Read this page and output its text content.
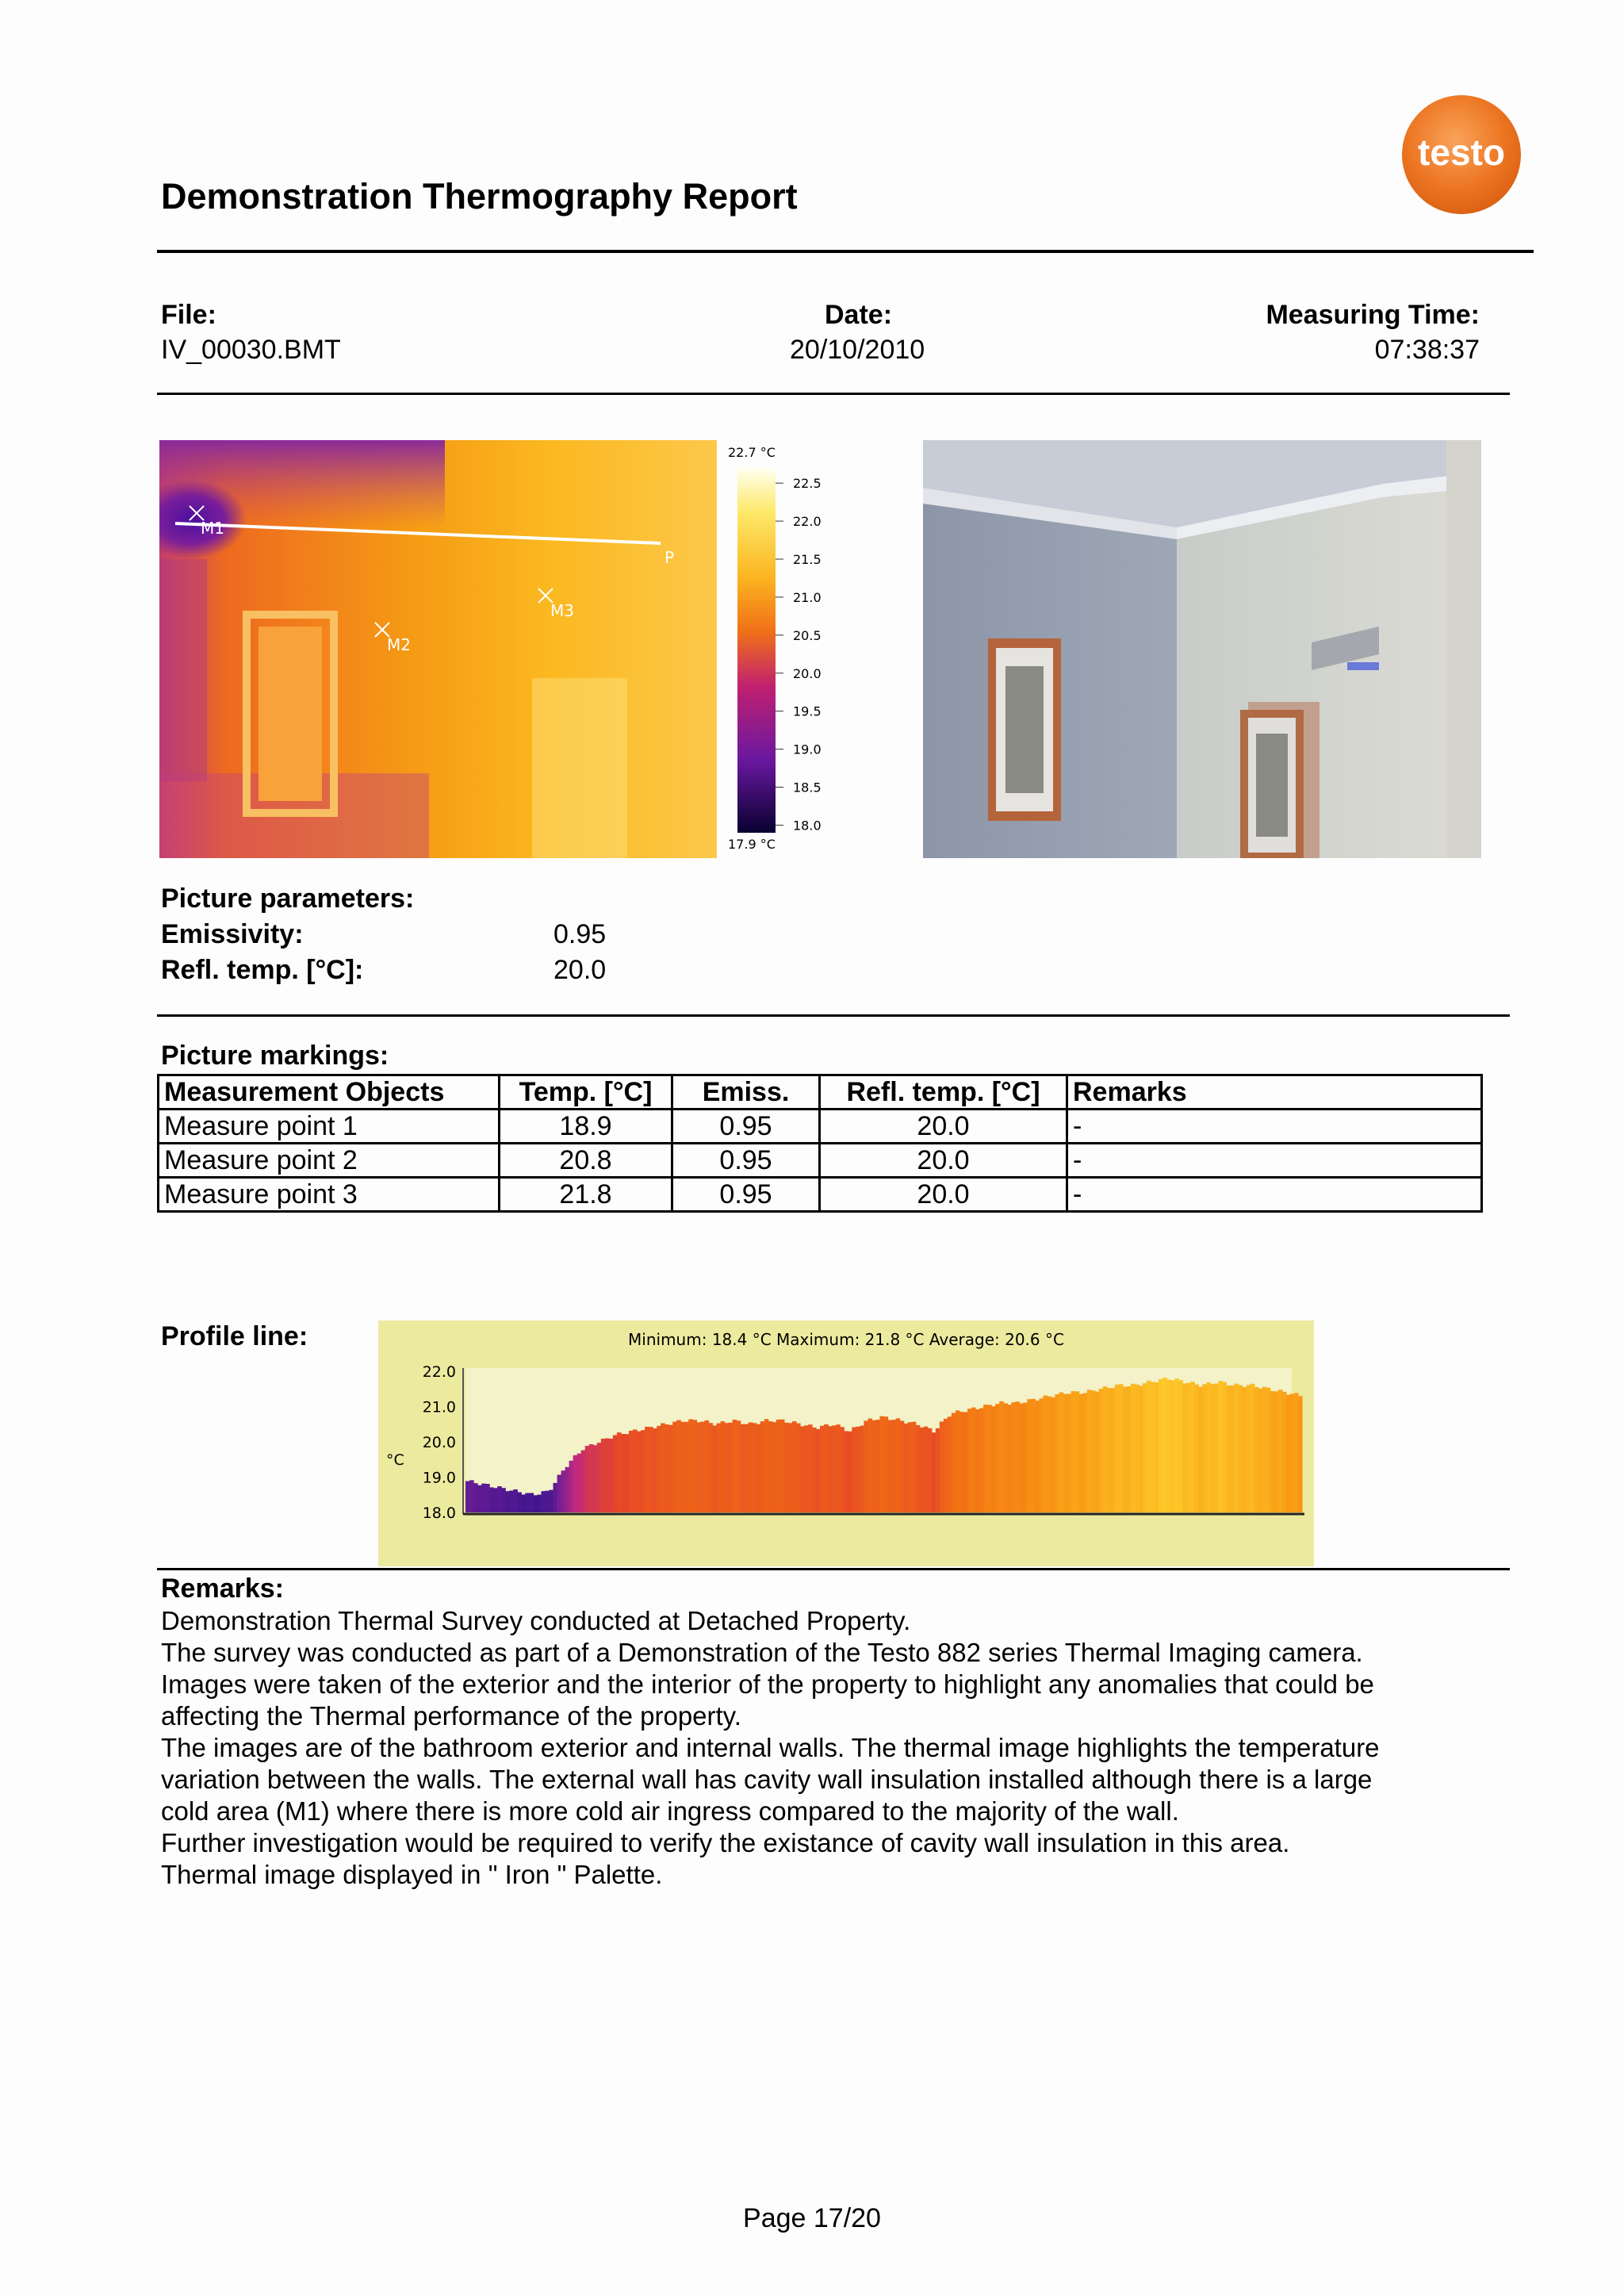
Demonstration Thermography Report
testo
File:
IV_00030.BMT
Date:
20/10/2010
Measuring Time:
07:38:37
M1
M2
M3
P
22.7 °C
22.5
22.0
21.5
21.0
20.5
20.0
19.5
19.0
18.5
18.0
17.9 °C
Picture parameters:
Emissivity:	0.95
Refl. temp. [°C]:	20.0
Picture markings:
Measurement Objects	Temp. [°C]	Emiss.	Refl. temp. [°C]	Remarks
Measure point 1	18.9	0.95	20.0	-
Measure point 2	20.8	0.95	20.0	-
Measure point 3	21.8	0.95	20.0	-
Profile line:	Minimum: 18.4 °C Maximum: 21.8 °C Average: 20.6 °C
°C
22.0
21.0
20.0
19.0
18.0
Remarks:

Demonstration Thermal Survey conducted at Detached Property.

The survey was conducted as part of a Demonstration of the Testo 882 series Thermal Imaging camera.

Images were taken of the exterior and the interior of the property to highlight any anomalies that could be

affecting the Thermal performance of the property.

The images are of the bathroom exterior and internal walls. The thermal image highlights the temperature

variation between the walls. The external wall has cavity wall insulation installed although there is a large

cold area (M1) where there is more cold air ingress compared to the majority of the wall.

Further investigation would be required to verify the existance of cavity wall insulation in this area.

Thermal image displayed in " Iron " Palette.

Page 17/20
